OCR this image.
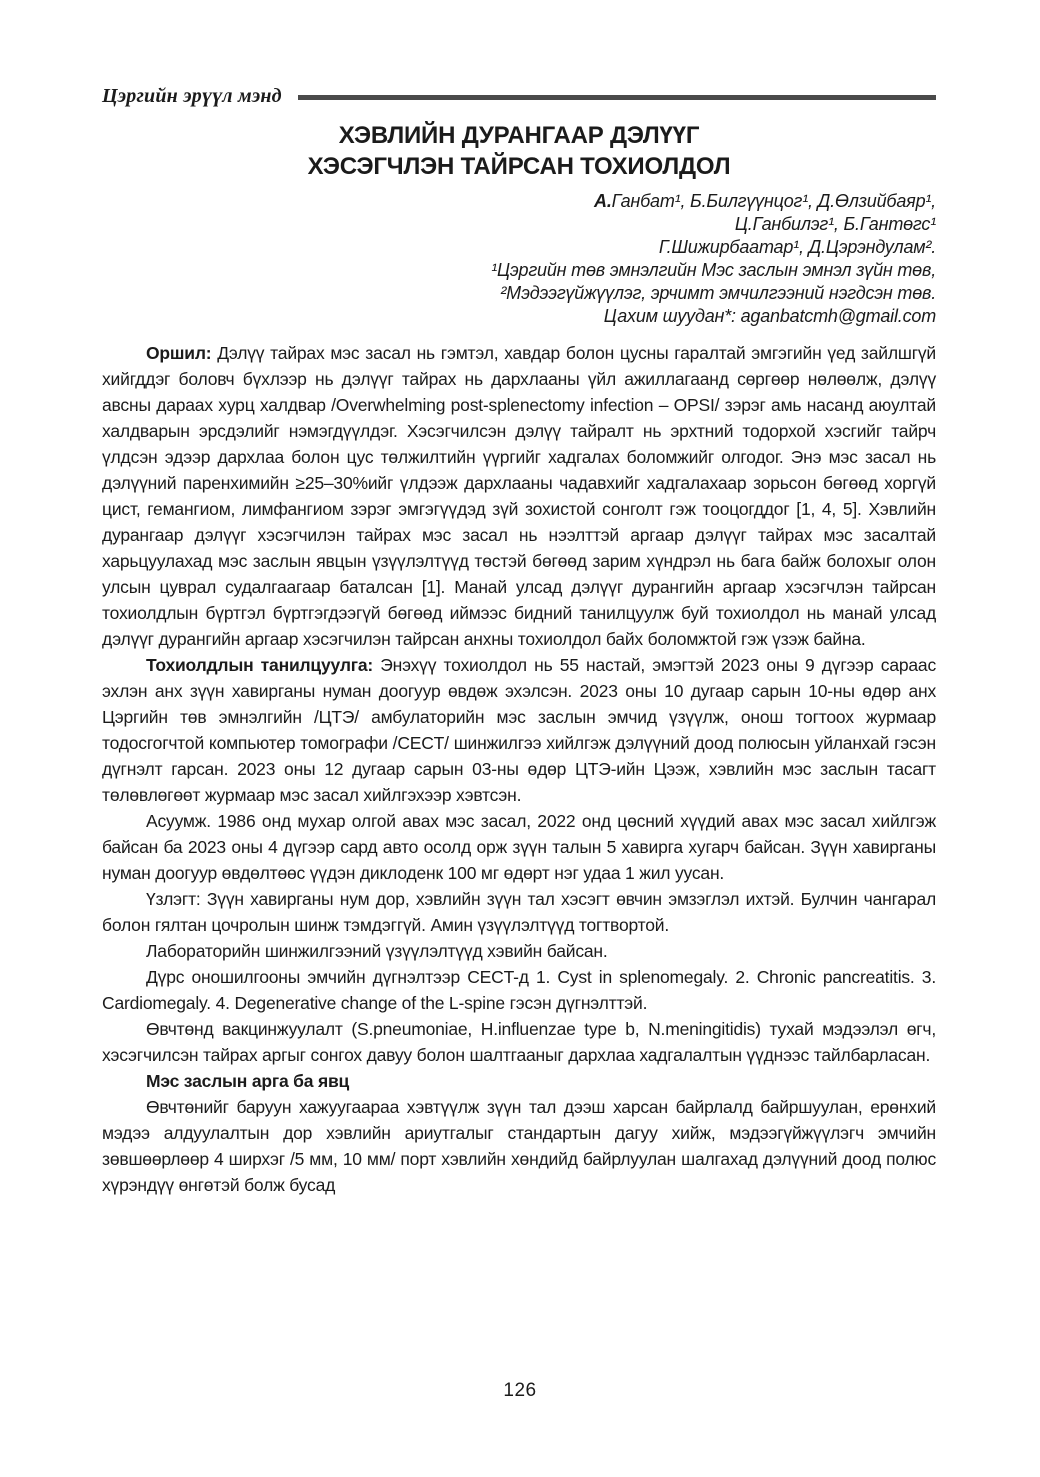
Цэргийн эрүүл мэнд
ХЭВЛИЙН ДУРАНГААР ДЭЛҮҮГ
ХЭСЭГЧЛЭН ТАЙРСАН ТОХИОЛДОЛ
А.Ганбат¹, Б.Билгүүнцог¹, Д.Өлзийбаяр¹,
Ц.Ганбилэг¹, Б.Гантөгс¹
Г.Шижирбаатар¹, Д.Цэрэндулам².
¹Цэргийн төв эмнэлгийн Мэс заслын эмнэл зүйн төв,
²Мэдээгүйжүүлэг, эрчимт эмчилгээний нэгдсэн төв.
Цахим шуудан*: aganbatcmh@gmail.com

Оршил: Дэлүү тайрах мэс засал нь гэмтэл, хавдар болон цусны гаралтай эмгэгийн үед зайлшгүй хийгддэг боловч бүхлээр нь дэлүүг тайрах нь дархлааны үйл ажиллагаанд сөргөөр нөлөөлж, дэлүү авсны дараах хурц халдвар /Overwhelming post-splenectomy infection – OPSI/ зэрэг амь насанд аюултай халдварын эрсдэлийг нэмэгдүүлдэг. Хэсэгчилсэн дэлүү тайралт нь эрхтний тодорхой хэсгийг тайрч үлдсэн эдээр дархлаа болон цус төлжилтийн үүргийг хадгалах боломжийг олгодог. Энэ мэс засал нь дэлүүний паренхимийн ≥25–30%ийг үлдээж дархлааны чадавхийг хадгалахаар зорьсон бөгөөд хоргүй цист, гемангиом, лимфангиом зэрэг эмгэгүүдэд зүй зохистой сонголт гэж тооцогддог [1, 4, 5]. Хэвлийн дурангаар дэлүүг хэсэгчилэн тайрах мэс засал нь нээлттэй аргаар дэлүүг тайрах мэс засалтай харьцуулахад мэс заслын явцын үзүүлэлтүүд төстэй бөгөөд зарим хүндрэл нь бага байж болохыг олон улсын цуврал судалгаагаар баталсан [1]. Манай улсад дэлүүг дурангийн аргаар хэсэгчлэн тайрсан тохиолдлын бүртгэл бүртгэгдээгүй бөгөөд иймээс бидний танилцуулж буй тохиолдол нь манай улсад дэлүүг дурангийн аргаар хэсэгчилэн тайрсан анхны тохиолдол байх боломжтой гэж үзэж байна.

Тохиолдлын танилцуулга: Энэхүү тохиолдол нь 55 настай, эмэгтэй 2023 оны 9 дүгээр сараас эхлэн анх зүүн хавирганы нуман доогуур өвдөж эхэлсэн. 2023 оны 10 дугаар сарын 10-ны өдөр анх Цэргийн төв эмнэлгийн /ЦТЭ/ амбулаторийн мэс заслын эмчид үзүүлж, онош тогтоох журмаар тодосгогчтой компьютер томографи /CECT/ шинжилгээ хийлгэж дэлүүний доод полюсын уйланхай гэсэн дүгнэлт гарсан. 2023 оны 12 дугаар сарын 03-ны өдөр ЦТЭ-ийн Цээж, хэвлийн мэс заслын тасагт төлөвлөгөөт журмаар мэс засал хийлгэхээр хэвтсэн.

Асуумж. 1986 онд мухар олгой авах мэс засал, 2022 онд цөсний хүүдий авах мэс засал хийлгэж байсан ба 2023 оны 4 дүгээр сард авто осолд орж зүүн талын 5 хавирга хугарч байсан. Зүүн хавирганы нуман доогуур өвдөлтөөс үүдэн диклоденк 100 мг өдөрт нэг удаа 1 жил уусан.

Үзлэгт: Зүүн хавирганы нум дор, хэвлийн зүүн тал хэсэгт өвчин эмзэглэл ихтэй. Булчин чангарал болон гялтан цочролын шинж тэмдэггүй. Амин үзүүлэлтүүд тогтвортой.

Лабораторийн шинжилгээний үзүүлэлтүүд хэвийн байсан.

Дүрс оношилгооны эмчийн дүгнэлтээр CECT-д 1. Cyst in splenomegaly. 2. Chronic pancreatitis. 3. Cardiomegaly. 4. Degenerative change of the L-spine гэсэн дүгнэлттэй.

Өвчтөнд вакцинжуулалт (S.pneumoniae, H.influenzae type b, N.meningitidis) тухай мэдээлэл өгч, хэсэгчилсэн тайрах аргыг сонгох давуу болон шалтгааныг дархлаа хадгалалтын үүднээс тайлбарласан.

Мэс заслын арга ба явц

Өвчтөнийг баруун хажуугаараа хэвтүүлж зүүн тал дээш харсан байрлалд байршуулан, ерөнхий мэдээ алдуулалтын дор хэвлийн ариутгалыг стандартын дагуу хийж, мэдээгүйжүүлэгч эмчийн зөвшөөрлөөр 4 ширхэг /5 мм, 10 мм/ порт хэвлийн хөндийд байрлуулан шалгахад дэлүүний доод полюс хүрэндүү өнгөтэй болж бусад

126
